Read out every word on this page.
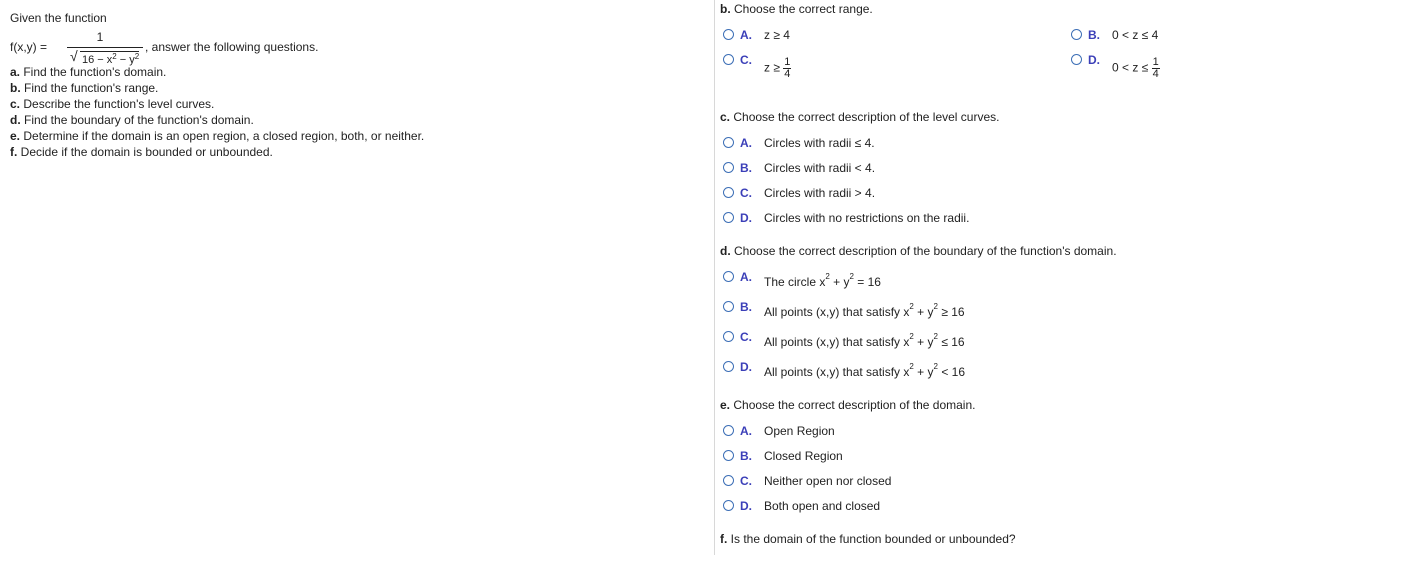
Given the function
f(x,y) =
1
√ $16 - x^2 - y^2$
, answer the following questions.
a. Find the function's domain.
b. Find the function's range.
c. Describe the function's level curves.
d. Find the boundary of the function's domain.
e. Determine if the domain is an open region, a closed region, both, or neither.
f. Decide if the domain is bounded or unbounded.
b. Choose the correct range.
A.	z ≥ 4	B.	0 < z ≤ 4
C.
$z \ge \frac{1}{4}$	D.
$0 < z \le \frac{1}{4}$
c. Choose the correct description of the level curves.
A.	Circles with radii ≤ 4.
B.	Circles with radii < 4.
C.	Circles with radii > 4.
D.	Circles with no restrictions on the radii.
d. Choose the correct description of the boundary of the function's domain.
A.	The circle $x^2 + y^2 = 16$
B.	All points (x,y) that satisfy $x^2 + y^2 \ge 16$
C.	All points (x,y) that satisfy $x^2 + y^2 \le 16$
D.	All points (x,y) that satisfy $x^2 + y^2 < 16$
e. Choose the correct description of the domain.
A.	Open Region
B.	Closed Region
C.	Neither open nor closed
D.	Both open and closed
f. Is the domain of the function bounded or unbounded?
